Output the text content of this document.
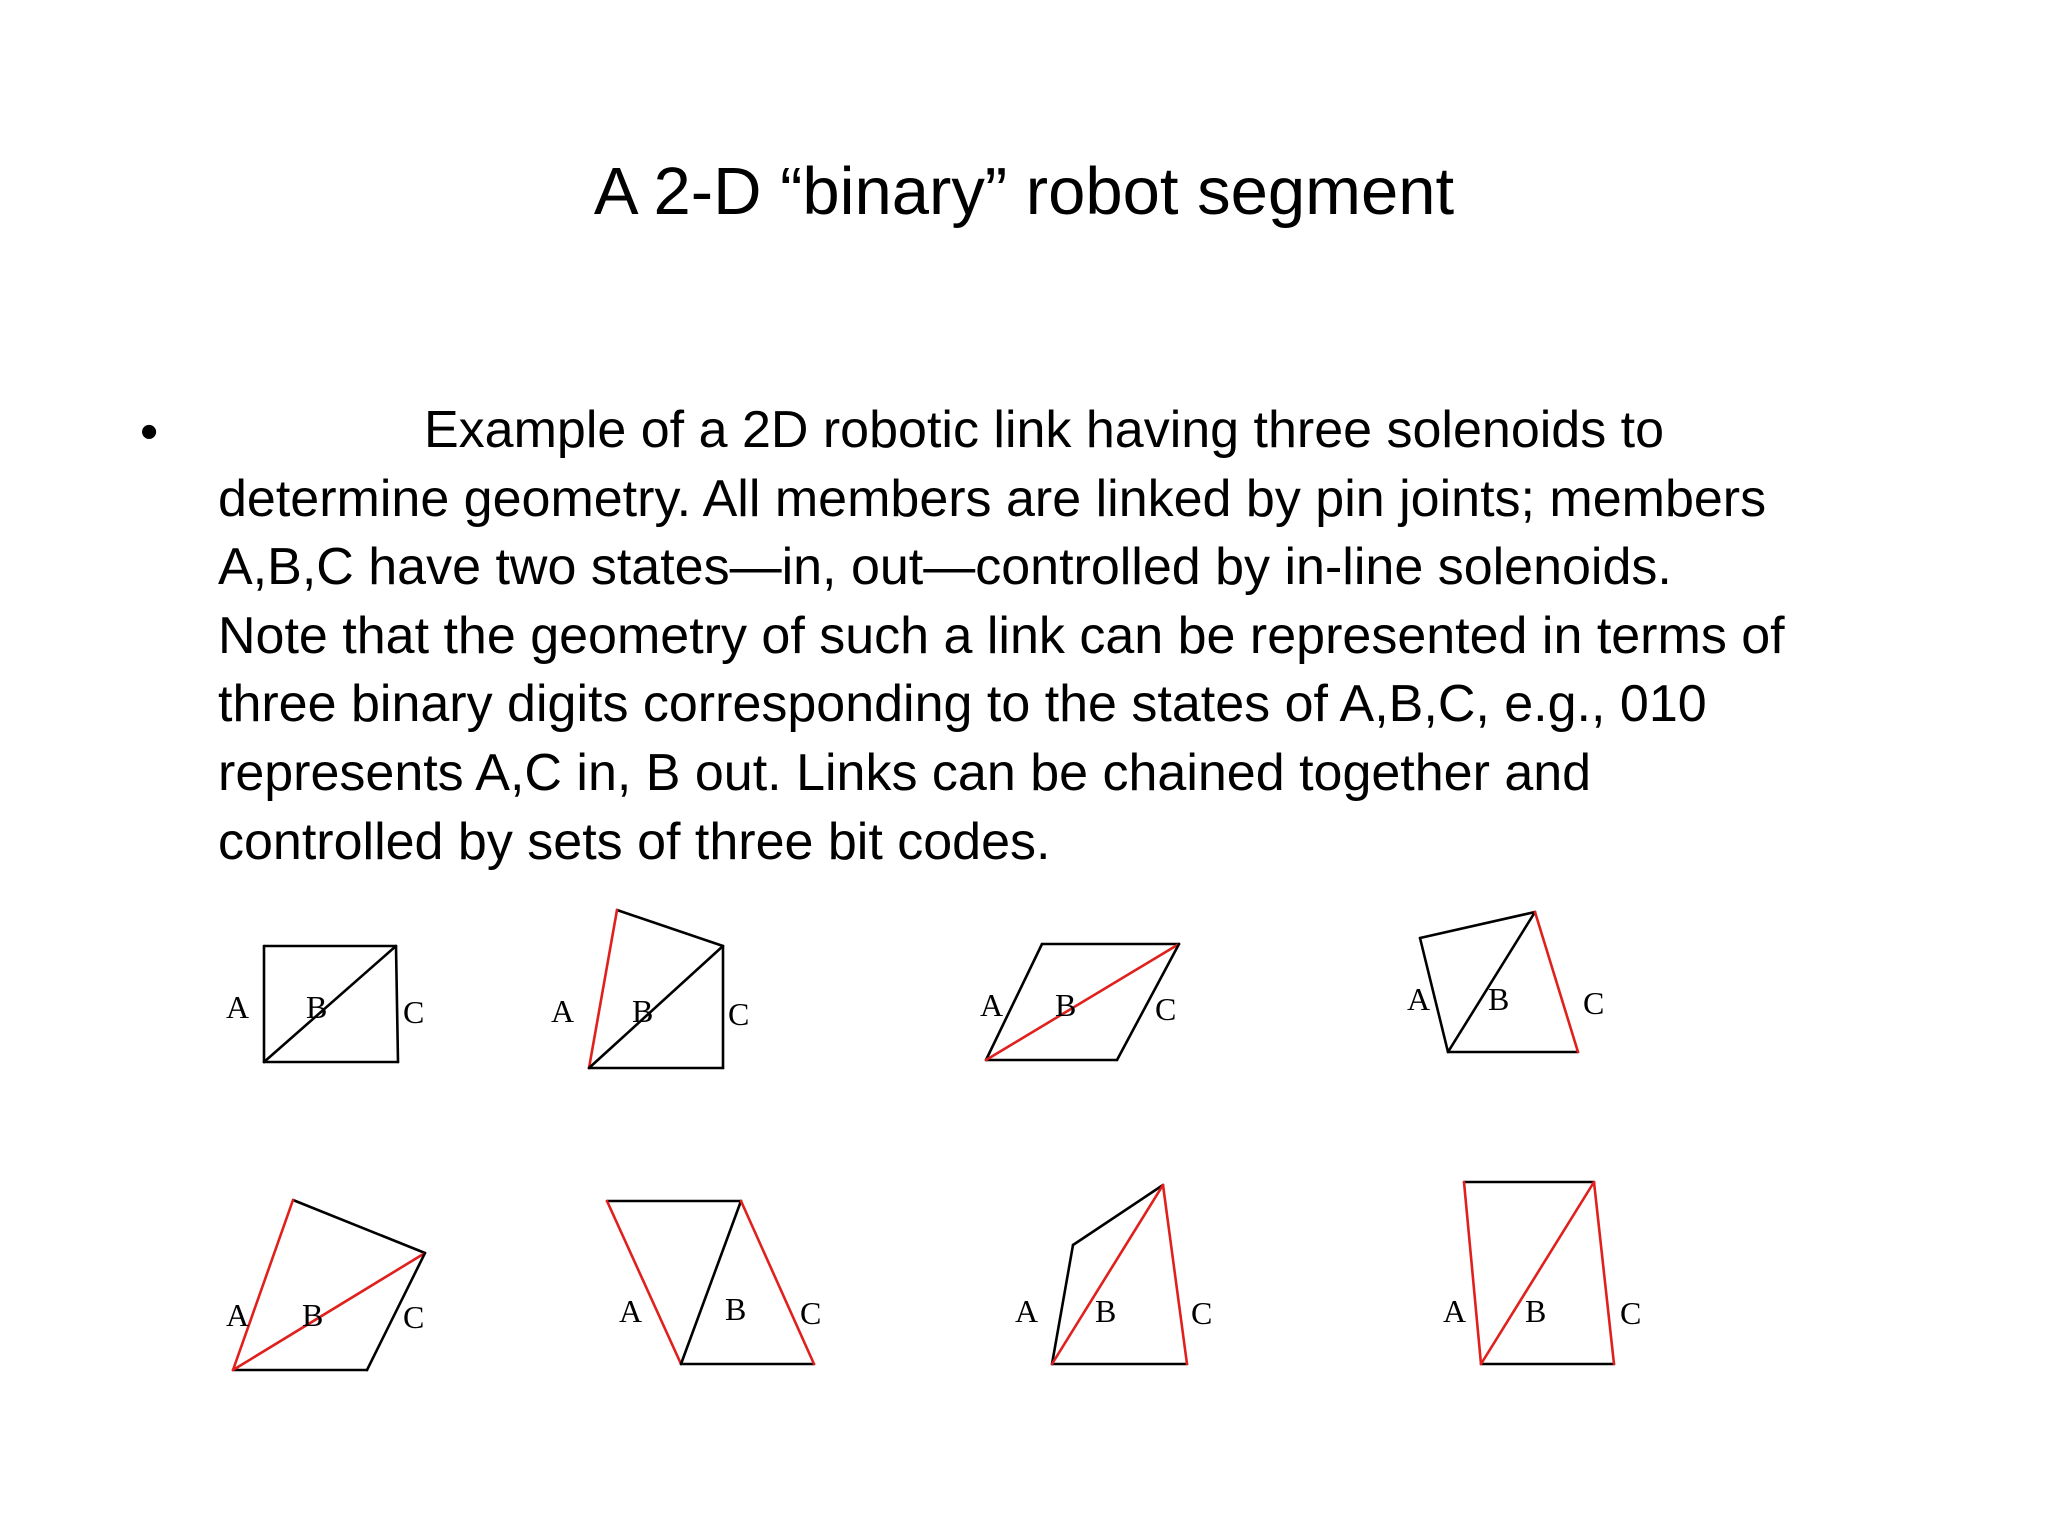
A 2-D “binary” robot segment
•	Example of a 2D robotic link having three solenoids to
determine geometry. All members are linked by pin joints; members
A,B,C have two states—in, out—controlled by in-line solenoids.
Note that the geometry of such a link can be represented in terms of
three binary digits corresponding to the states of A,B,C, e.g., 010
represents A,C in, B out. Links can be chained together and
controlled by sets of three bit codes.
A B C	A B C	A B C	A B C
A B C	A	B C	A B C	A B C
